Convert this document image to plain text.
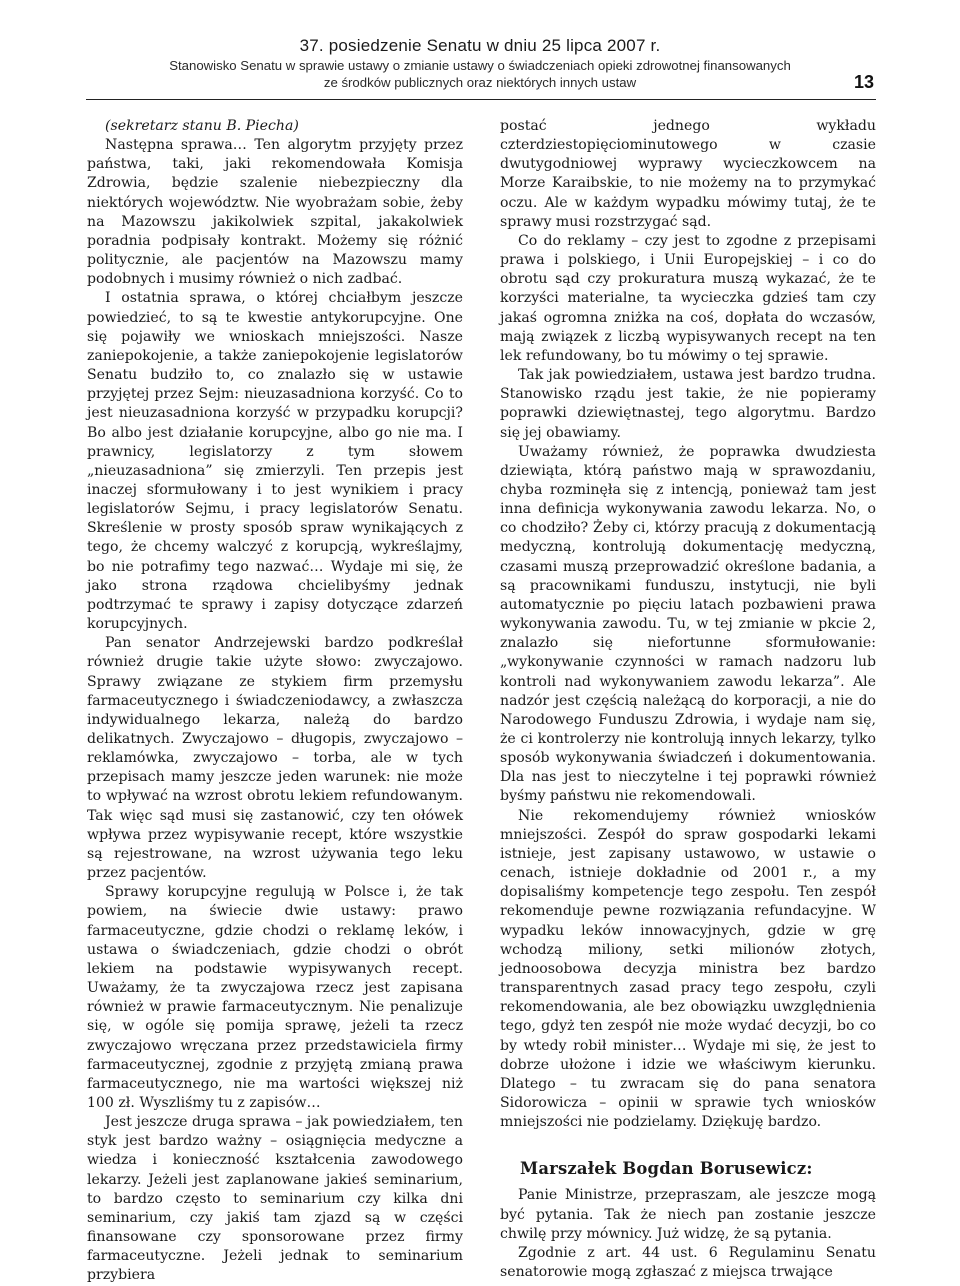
37. posiedzenie Senatu w dniu 25 lipca 2007 r.
Stanowisko Senatu w sprawie ustawy o zmianie ustawy o świadczeniach opieki zdrowotnej finansowanych
ze środków publicznych oraz niektórych innych ustaw	13

(sekretarz stanu B. Piecha)

Następna sprawa… Ten algorytm przyjęty przez państwa, taki, jaki rekomendowała Komisja Zdrowia, będzie szalenie niebezpieczny dla niektórych województw. Nie wyobrażam sobie, żeby na Mazowszu jakikolwiek szpital, jakakolwiek poradnia podpisały kontrakt. Możemy się różnić politycznie, ale pacjentów na Mazowszu mamy podobnych i musimy również o nich zadbać.

I ostatnia sprawa, o której chciałbym jeszcze powiedzieć, to są te kwestie antykorupcyjne. One się pojawiły we wnioskach mniejszości. Nasze zaniepokojenie, a także zaniepokojenie legislatorów Senatu budziło to, co znalazło się w ustawie przyjętej przez Sejm: nieuzasadniona korzyść. Co to jest nieuzasadniona korzyść w przypadku korupcji? Bo albo jest działanie korupcyjne, albo go nie ma. I prawnicy, legislatorzy z tym słowem „nieuzasadniona” się zmierzyli. Ten przepis jest inaczej sformułowany i to jest wynikiem i pracy legislatorów Sejmu, i pracy legislatorów Senatu. Skreślenie w prosty sposób spraw wynikających z tego, że chcemy walczyć z korupcją, wykreślajmy, bo nie potrafimy tego nazwać… Wydaje mi się, że jako strona rządowa chcielibyśmy jednak podtrzymać te sprawy i zapisy dotyczące zdarzeń korupcyjnych.

Pan senator Andrzejewski bardzo podkreślał również drugie takie użyte słowo: zwyczajowo. Sprawy związane ze stykiem firm przemysłu farmaceutycznego i świadczeniodawcy, a zwłaszcza indywidualnego lekarza, należą do bardzo delikatnych. Zwyczajowo – długopis, zwyczajowo – reklamówka, zwyczajowo – torba, ale w tych przepisach mamy jeszcze jeden warunek: nie może to wpływać na wzrost obrotu lekiem refundowanym. Tak więc sąd musi się zastanowić, czy ten ołówek wpływa przez wypisywanie recept, które wszystkie są rejestrowane, na wzrost używania tego leku przez pacjentów.

Sprawy korupcyjne regulują w Polsce i, że tak powiem, na świecie dwie ustawy: prawo farmaceutyczne, gdzie chodzi o reklamę leków, i ustawa o świadczeniach, gdzie chodzi o obrót lekiem na podstawie wypisywanych recept. Uważamy, że ta zwyczajowa rzecz jest zapisana również w prawie farmaceutycznym. Nie penalizuje się, w ogóle się pomija sprawę, jeżeli ta rzecz zwyczajowo wręczana przez przedstawiciela firmy farmaceutycznej, zgodnie z przyjętą zmianą prawa farmaceutycznego, nie ma wartości większej niż 100 zł. Wyszliśmy tu z zapisów…

Jest jeszcze druga sprawa – jak powiedziałem, ten styk jest bardzo ważny – osiągnięcia medyczne a wiedza i konieczność kształcenia zawodowego lekarzy. Jeżeli jest zaplanowane jakieś seminarium, to bardzo często to seminarium czy kilka dni seminarium, czy jakiś tam zjazd są w części finansowane czy sponsorowane przez firmy farmaceutyczne. Jeżeli jednak to seminarium przybiera

postać jednego wykładu czterdziestopięciominutowego w czasie dwutygodniowej wyprawy wycieczkowcem na Morze Karaibskie, to nie możemy na to przymykać oczu. Ale w każdym wypadku mówimy tutaj, że te sprawy musi rozstrzygać sąd.

Co do reklamy – czy jest to zgodne z przepisami prawa i polskiego, i Unii Europejskiej – i co do obrotu sąd czy prokuratura muszą wykazać, że te korzyści materialne, ta wycieczka gdzieś tam czy jakaś ogromna zniżka na coś, dopłata do wczasów, mają związek z liczbą wypisywanych recept na ten lek refundowany, bo tu mówimy o tej sprawie.

Tak jak powiedziałem, ustawa jest bardzo trudna. Stanowisko rządu jest takie, że nie popieramy poprawki dziewiętnastej, tego algorytmu. Bardzo się jej obawiamy.

Uważamy również, że poprawka dwudziesta dziewiąta, którą państwo mają w sprawozdaniu, chyba rozminęła się z intencją, ponieważ tam jest inna definicja wykonywania zawodu lekarza. No, o co chodziło? Żeby ci, którzy pracują z dokumentacją medyczną, kontrolują dokumentację medyczną, czasami muszą przeprowadzić określone badania, a są pracownikami funduszu, instytucji, nie byli automatycznie po pięciu latach pozbawieni prawa wykonywania zawodu. Tu, w tej zmianie w pkcie 2, znalazło się niefortunne sformułowanie: „wykonywanie czynności w ramach nadzoru lub kontroli nad wykonywaniem zawodu lekarza”. Ale nadzór jest częścią należącą do korporacji, a nie do Narodowego Funduszu Zdrowia, i wydaje nam się, że ci kontrolerzy nie kontrolują innych lekarzy, tylko sposób wykonywania świadczeń i dokumentowania. Dla nas jest to nieczytelne i tej poprawki również byśmy państwu nie rekomendowali.

Nie rekomendujemy również wniosków mniejszości. Zespół do spraw gospodarki lekami istnieje, jest zapisany ustawowo, w ustawie o cenach, istnieje dokładnie od 2001 r., a my dopisaliśmy kompetencje tego zespołu. Ten zespół rekomenduje pewne rozwiązania refundacyjne. W wypadku leków innowacyjnych, gdzie w grę wchodzą miliony, setki milionów złotych, jednoosobowa decyzja ministra bez bardzo transparentnych zasad pracy tego zespołu, czyli rekomendowania, ale bez obowiązku uwzględnienia tego, gdyż ten zespół nie może wydać decyzji, bo co by wtedy robił minister… Wydaje mi się, że jest to dobrze ułożone i idzie we właściwym kierunku. Dlatego – tu zwracam się do pana senatora Sidorowicza – opinii w sprawie tych wniosków mniejszości nie podzielamy. Dziękuję bardzo.

Marszałek Bogdan Borusewicz:

Panie Ministrze, przepraszam, ale jeszcze mogą być pytania. Tak że niech pan zostanie jeszcze chwilę przy mównicy. Już widzę, że są pytania.

Zgodnie z art. 44 ust. 6 Regulaminu Senatu senatorowie mogą zgłaszać z miejsca trwające
